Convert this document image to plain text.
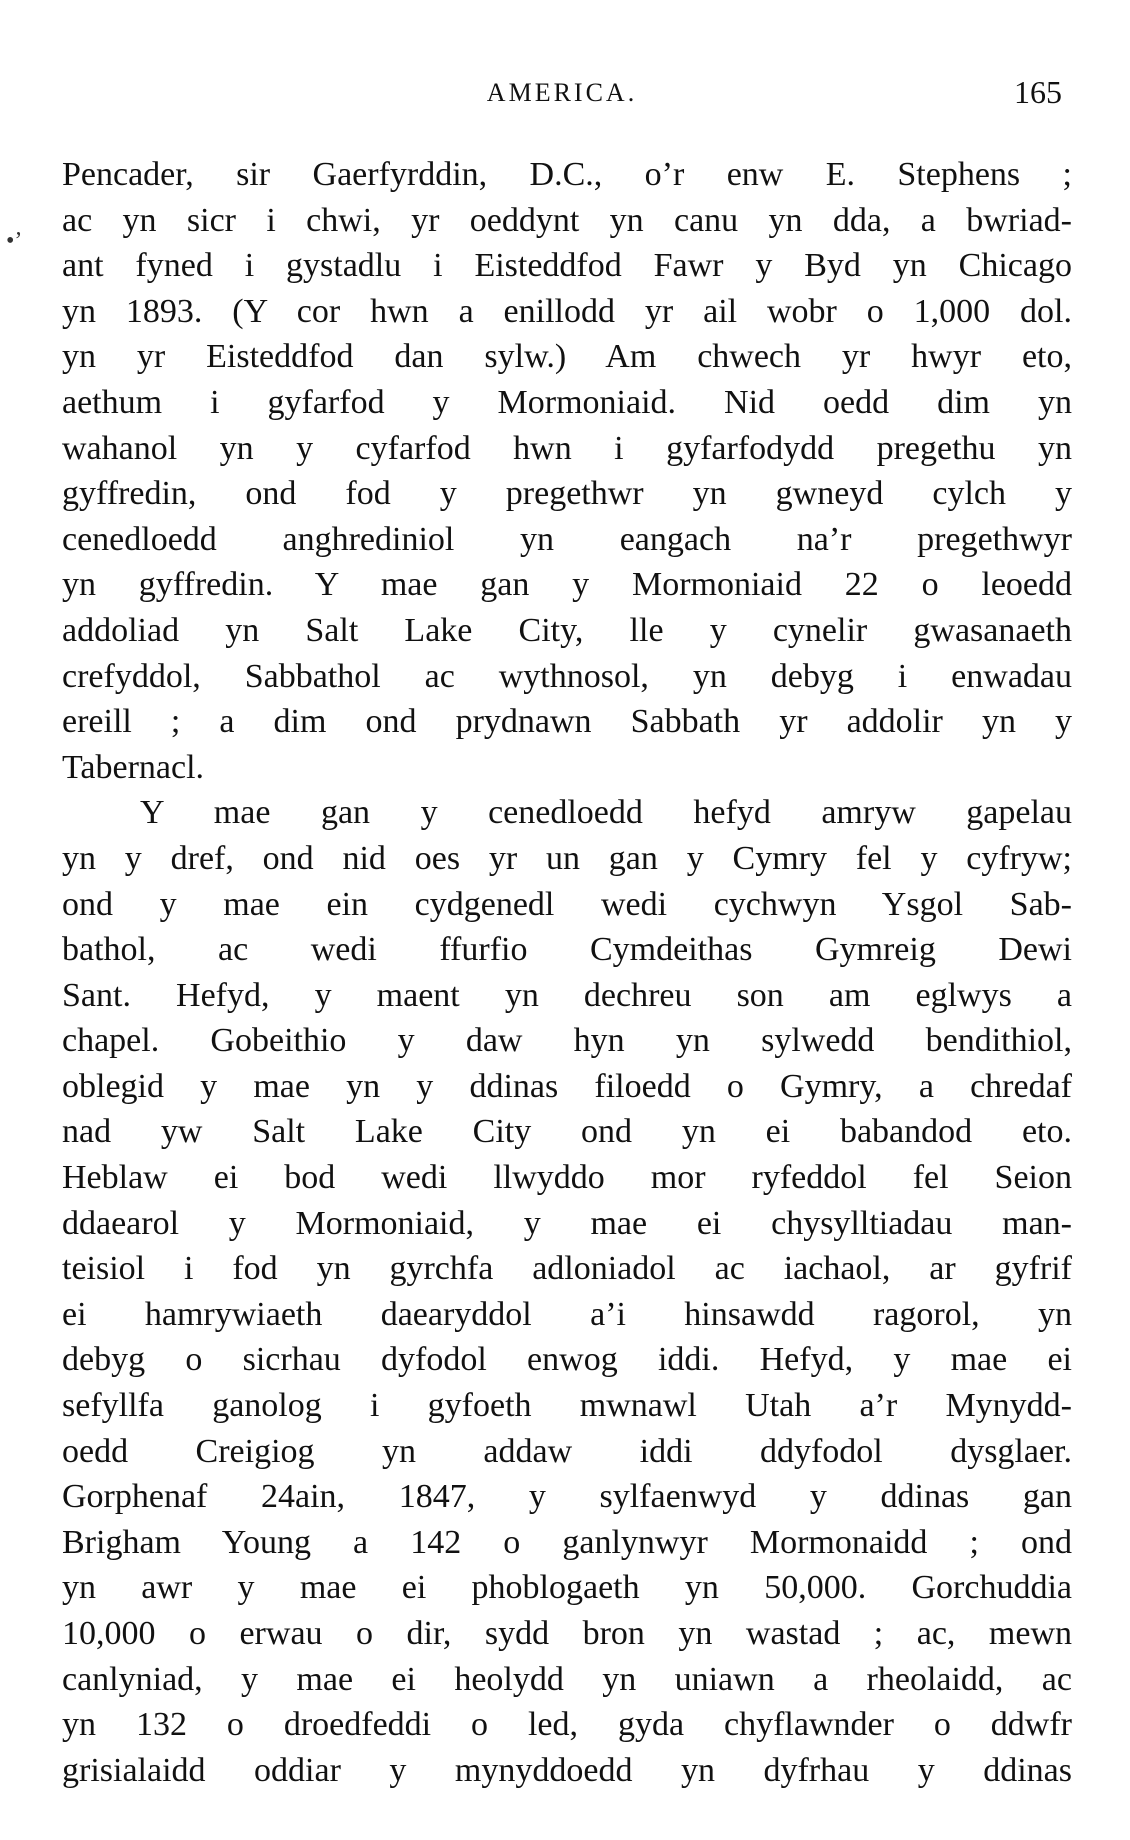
AMERICA.	165
•’
Pencader, sir Gaerfyrddin, D.C., o’r enw E. Stephens ;
ac yn sicr i chwi, yr oeddynt yn canu yn dda, a bwriad-
ant fyned i gystadlu i Eisteddfod Fawr y Byd yn Chicago
yn 1893. (Y cor hwn a enillodd yr ail wobr o 1,000 dol.
yn yr Eisteddfod dan sylw.) Am chwech yr hwyr eto,
aethum i gyfarfod y Mormoniaid. Nid oedd dim yn
wahanol yn y cyfarfod hwn i gyfarfodydd pregethu yn
gyffredin, ond fod y pregethwr yn gwneyd cylch y
cenedloedd anghrediniol yn eangach na’r pregethwyr
yn gyffredin. Y mae gan y Mormoniaid 22 o leoedd
addoliad yn Salt Lake City, lle y cynelir gwasanaeth
crefyddol, Sabbathol ac wythnosol, yn debyg i enwadau
ereill ; a dim ond prydnawn Sabbath yr addolir yn y
Tabernacl.
Y mae gan y cenedloedd hefyd amryw gapelau
yn y dref, ond nid oes yr un gan y Cymry fel y cyfryw;
ond y mae ein cydgenedl wedi cychwyn Ysgol Sab-
bathol, ac wedi ffurfio Cymdeithas Gymreig Dewi
Sant. Hefyd, y maent yn dechreu son am eglwys a
chapel. Gobeithio y daw hyn yn sylwedd bendithiol,
oblegid y mae yn y ddinas filoedd o Gymry, a chredaf
nad yw Salt Lake City ond yn ei babandod eto.
Heblaw ei bod wedi llwyddo mor ryfeddol fel Seion
ddaearol y Mormoniaid, y mae ei chysylltiadau man-
teisiol i fod yn gyrchfa adloniadol ac iachaol, ar gyfrif
ei hamrywiaeth daearyddol a’i hinsawdd ragorol, yn
debyg o sicrhau dyfodol enwog iddi. Hefyd, y mae ei
sefyllfa ganolog i gyfoeth mwnawl Utah a’r Mynydd-
oedd Creigiog yn addaw iddi ddyfodol dysglaer.
Gorphenaf 24ain, 1847, y sylfaenwyd y ddinas gan
Brigham Young a 142 o ganlynwyr Mormonaidd ; ond
yn awr y mae ei phoblogaeth yn 50,000. Gorchuddia
10,000 o erwau o dir, sydd bron yn wastad ; ac, mewn
canlyniad, y mae ei heolydd yn uniawn a rheolaidd, ac
yn 132 o droedfeddi o led, gyda chyflawnder o ddwfr
grisialaidd oddiar y mynyddoedd yn dyfrhau y ddinas
